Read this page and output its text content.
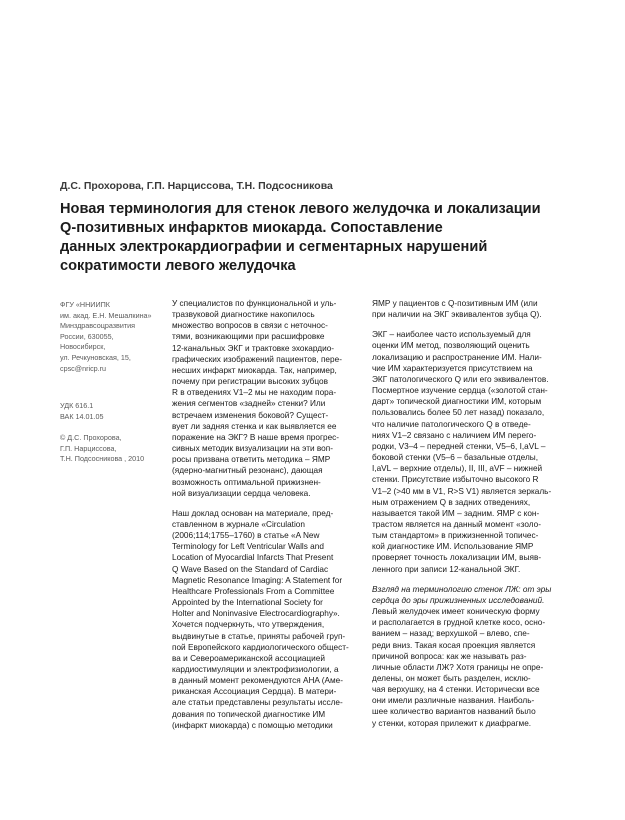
Д.С. Прохорова, Г.П. Нарциссова, Т.Н. Подсосникова
Новая терминология для стенок левого желудочка и локализации
Q-позитивных инфарктов миокарда. Сопоставление
данных электрокардиографии и сегментарных нарушений
сократимости левого желудочка
ФГУ «ННИИПК
им. акад. Е.Н. Мешалкина»
Минздравсоцразвития
России, 630055,
Новосибирск,
ул. Речкуновская, 15,
cpsc@nricp.ru
УДК 616.1
ВАК 14.01.05
© Д.С. Прохорова,
Г.П. Нарциссова,
Т.Н. Подсосникова , 2010
У специалистов по функциональной и уль-
тразвуковой диагностике накопилось
множество вопросов в связи с неточнос-
тями, возникающими при расшифровке
12-канальных ЭКГ и трактовке эхокардио-
графических изображений пациентов, пере-
несших инфаркт миокарда. Так, например,
почему при регистрации высоких зубцов
R в отведениях V1–2 мы не находим пора-
жения сегментов «задней» стенки? Или
встречаем изменения боковой? Сущест-
вует ли задняя стенка и как выявляется ее
поражение на ЭКГ? В наше время прогрес-
сивных методик визуализации на эти воп-
росы призвана ответить методика – ЯМР
(ядерно-магнитный резонанс), дающая
возможность оптимальной прижизнен-
ной визуализации сердца человека.
Наш доклад основан на материале, пред-
ставленном в журнале «Circulation
(2006;114;1755–1760) в статье «A New
Terminology for Left Ventricular Walls and
Location of Myocardial Infarcts That Present
Q Wave Based on the Standard of Cardiac
Magnetic Resonance Imaging: A Statement for
Healthcare Professionals From a Committee
Appointed by the International Society for
Holter and Noninvasive Electrocardiography».
Хочется подчеркнуть, что утверждения,
выдвинутые в статье, приняты рабочей груп-
пой Европейского кардиологического общест-
ва и Североамериканской ассоциацией
кардиостимуляции и электрофизиологии, а
в данный момент рекомендуются AHA (Аме-
риканская Ассоциация Сердца). В матери-
але статьи представлены результаты иссле-
дования по топической диагностике ИМ
(инфаркт миокарда) с помощью методики
ЯМР у пациентов с Q-позитивным ИМ (или
при наличии на ЭКГ эквивалентов зубца Q).
ЭКГ – наиболее часто используемый для
оценки ИМ метод, позволяющий оценить
локализацию и распространение ИМ. Нали-
чие ИМ характеризуется присутствием на
ЭКГ патологического Q или его эквивалентов.
Посмертное изучение сердца («золотой стан-
дарт» топической диагностики ИМ, которым
пользовались более 50 лет назад) показало,
что наличие патологического Q в отведе-
ниях V1–2 связано с наличием ИМ перего-
родки, V3–4 – передней стенки, V5–6, I,aVL –
боковой стенки (V5–6 – базальные отделы,
I,aVL – верхние отделы), II, III, aVF – нижней
стенки. Присутствие избыточно высокого R
V1–2 (>40 мм в V1, R>S V1) является зеркаль-
ным отражением Q в задних отведениях,
называется такой ИМ – задним. ЯМР с кон-
трастом является на данный момент «золо-
тым стандартом» в прижизненной топичес-
кой диагностике ИМ. Использование ЯМР
проверяет точность локализации ИМ, выяв-
ленного при записи 12-канальной ЭКГ.
Взгляд на терминологию стенок ЛЖ: от эры
сердца до эры прижизненных исследований.
Левый желудочек имеет коническую форму
и располагается в грудной клетке косо, осно-
ванием – назад; верхушкой – влево, спе-
реди вниз. Такая косая проекция является
причиной вопроса: как же называть раз-
личные области ЛЖ? Хотя границы не опре-
делены, он может быть разделен, исклю-
чая верхушку, на 4 стенки. Исторически все
они имели различные названия. Наиболь-
шее количество вариантов названий было
у стенки, которая прилежит к диафрагме.
